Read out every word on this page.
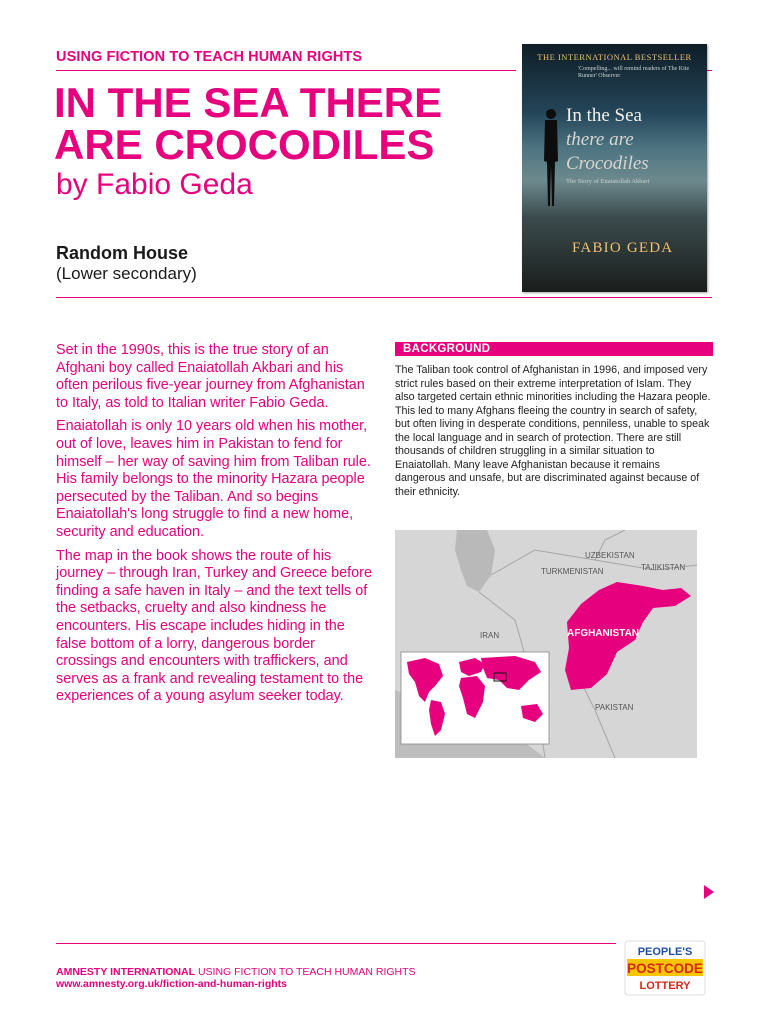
USING FICTION TO TEACH HUMAN RIGHTS
IN THE SEA THERE ARE CROCODILES
by Fabio Geda
Random House
(Lower secondary)
THE INTERNATIONAL BESTSELLER
'Compelling... will remind readers of The Kite Runner' Observer
In the Sea
there are
Crocodiles
The Story of Enaiatollah Akbari
FABIO GEDA

Set in the 1990s, this is the true story of an Afghani boy called Enaiatollah Akbari and his often perilous five-year journey from Afghanistan to Italy, as told to Italian writer Fabio Geda.

Enaiatollah is only 10 years old when his mother, out of love, leaves him in Pakistan to fend for himself – her way of saving him from Taliban rule. His family belongs to the minority Hazara people persecuted by the Taliban. And so begins Enaiatollah's long struggle to find a new home, security and education.

The map in the book shows the route of his journey – through Iran, Turkey and Greece before finding a safe haven in Italy – and the text tells of the setbacks, cruelty and also kindness he encounters. His escape includes hiding in the false bottom of a lorry, dangerous border crossings and encounters with traffickers, and serves as a frank and revealing testament to the experiences of a young asylum seeker today.

BACKGROUND
The Taliban took control of Afghanistan in 1996, and imposed very strict rules based on their extreme interpretation of Islam. They also targeted certain ethnic minorities including the Hazara people. This led to many Afghans fleeing the country in search of safety, but often living in desperate conditions, penniless, unable to speak the local language and in search of protection. There are still thousands of children struggling in a similar situation to Enaiatollah. Many leave Afghanistan because it remains dangerous and unsafe, but are discriminated against because of their ethnicity.
UZBEKISTAN
TURKMENISTAN	TAJIKISTAN
IRAN	AFGHANISTAN
PAKISTAN
AMNESTY INTERNATIONAL USING FICTION TO TEACH HUMAN RIGHTS
www.amnesty.org.uk/fiction-and-human-rights
PEOPLE'S
POSTCODE
LOTTERY
